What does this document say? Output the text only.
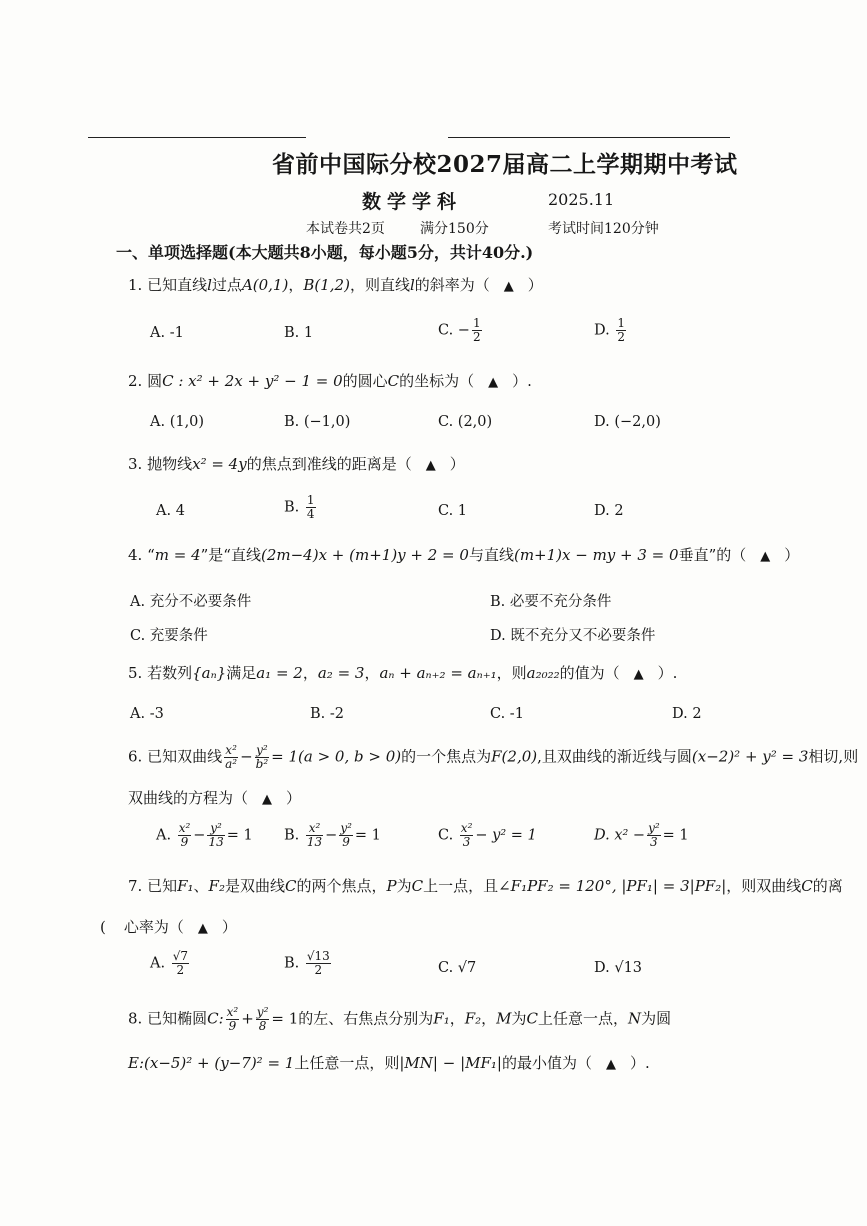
省前中国际分校2027届高二上学期期中考试
数学学科	2025.11
本试卷共2页	满分150分	考试时间120分钟
一、单项选择题(本大题共8小题，每小题5分，共计40分.)
1. 已知直线l过点A(0,1)，B(1,2)，则直线l的斜率为（ ▲ ）
A. -1	B. 1	C. − $\frac{1}{2}$	D. $\frac{1}{2}$
2. 圆C : x² + 2x + y² − 1 = 0的圆心C的坐标为（ ▲ ）.
A. (1,0)	B. (−1,0)	C. (2,0)	D. (−2,0)
3. 抛物线x² = 4y的焦点到准线的距离是（ ▲ ）
A. 4	B. $\frac{1}{4}$	C. 1	D. 2
4. “m = 4”是“直线(2m−4)x + (m+1)y + 2 = 0与直线(m+1)x − my + 3 = 0垂直”的（ ▲ ）
A. 充分不必要条件	B. 必要不充分条件
C. 充要条件	D. 既不充分又不必要条件
5. 若数列{aₙ}满足a₁ = 2，a₂ = 3，aₙ + aₙ₊₂ = aₙ₊₁，则a₂₀₂₂的值为（ ▲ ）.
A. -3	B. -2	C. -1	D. 2
6. 已知双曲线 $\frac{\text{x²}}{\text{a²}} - \frac{\text{y²}}{\text{b²}} = 1(a > 0$, b > 0)的一个焦点为F(2,0),且双曲线的渐近线与圆(x−2)² + y² = 3相切,则
双曲线的方程为（ ▲ ）
A. $\frac{\text{x²}}{9} - \frac{\text{y²}}{13} = 1$ B. $\frac{\text{x²}}{13} - \frac{\text{y²}}{9} = 1$	C. $\frac{\text{x²}}{3} - y^2 = 1$	D. $x^2 - \frac{\text{y²}}{3} = 1$
7. 已知F₁、F₂是双曲线C的两个焦点，P为C上一点，且∠F₁PF₂ = 120°, |PF₁| = 3|PF₂|，则双曲线C的离
( 心率为（ ▲ ）
A. $\frac{√7}{2}$	B. $\frac{√13}{2}$	C. √7	D. √13
8. 已知椭圆C: $\frac{\text{x²}}{9} + \frac{\text{y²}}{8} = 1$的左、右焦点分别为F₁，F₂，M为C上任意一点，N为圆
E:(x−5)² + (y−7)² = 1上任意一点，则|MN| − |MF₁|的最小值为（ ▲ ）.
